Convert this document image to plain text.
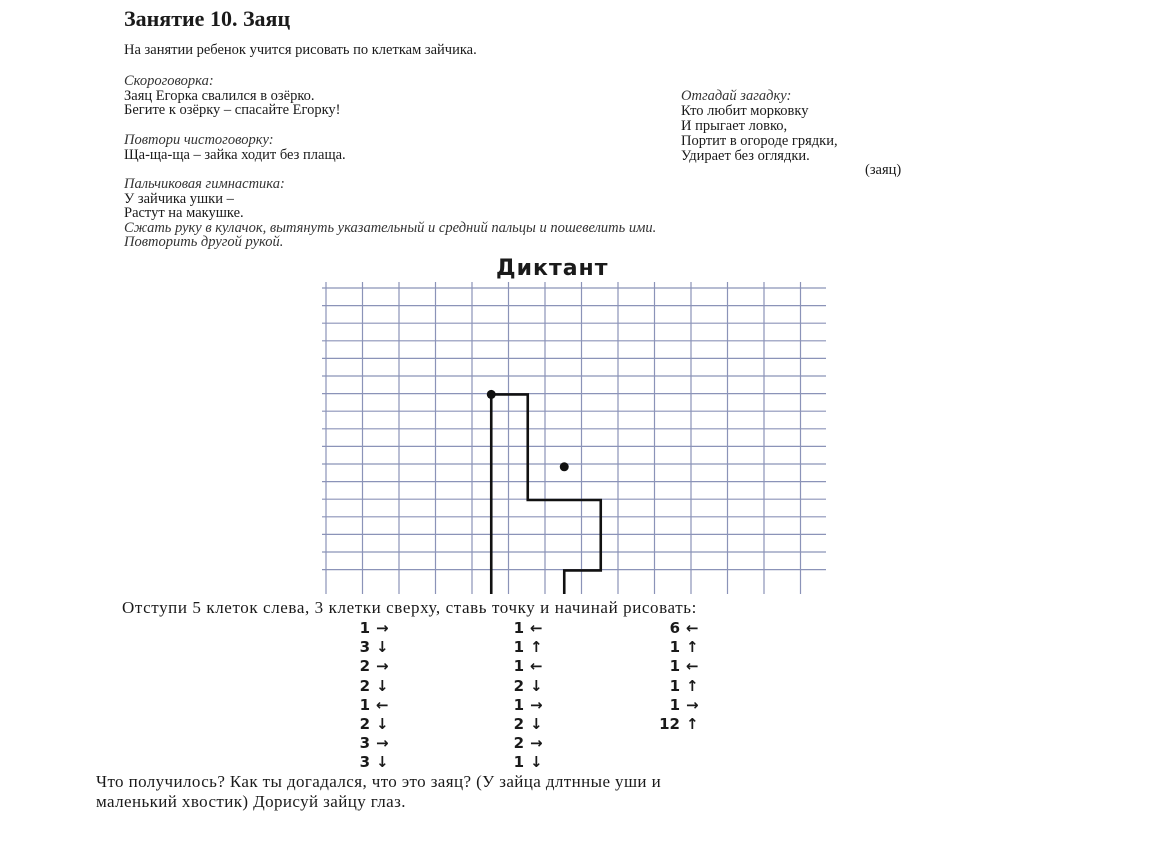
Занятие 10. Заяц
На занятии ребенок учится рисовать по клеткам зайчика.
Скороговорка:
Заяц Егорка свалился в озёрко.
Бегите к озёрку – спасайте Егорку!
Отгадай загадку:
Кто любит морковку
И прыгает ловко,
Портит в огороде грядки,
Удирает без оглядки.
(заяц)
Повтори чистоговорку:
Ща-ща-ща – зайка ходит без плаща.
Пальчиковая гимнастика:
У зайчика ушки –
Растут на макушке.
Сжать руку в кулачок, вытянуть указательный и средний пальцы и пошевелить ими.
Повторить другой рукой.
Диктант
Отступи 5 клеток слева, 3 клетки сверху, ставь точку и начинай рисовать:
1 →
3 ↓
2 →
2 ↓
1 ←
2 ↓
3 →
3 ↓
1 ←
1 ↑
1 ←
2 ↓
1 →
2 ↓
2 →
1 ↓
6 ←
1 ↑
1 ←
1 ↑
1 →
12 ↑
Что получилось? Как ты догадался, что это заяц? (У зайца длтнные уши и
маленький хвостик) Дорисуй зайцу глаз.
